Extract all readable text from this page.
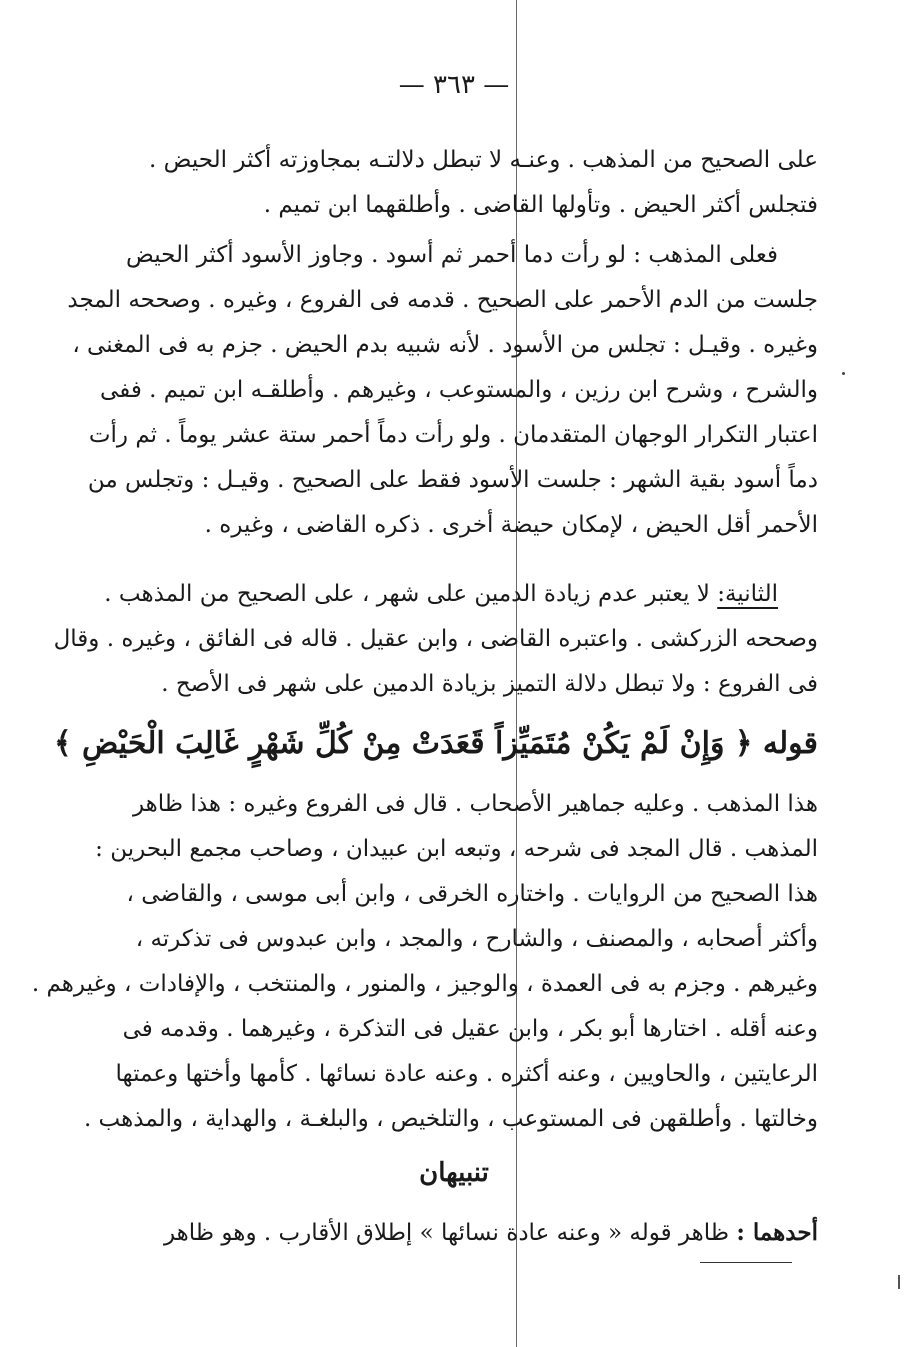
— ٣٦٣ —
على الصحيح من المذهب . وعنـه لا تبطل دلالتـه بمجاوزته أكثر الحيض .
فتجلس أكثر الحيض . وتأولها القاضى . وأطلقهما ابن تميم .
فعلى المذهب : لو رأت دما أحمر ثم أسود . وجاوز الأسود أكثر الحيض
جلست من الدم الأحمر على الصحيح . قدمه فى الفروع ، وغيره . وصححه المجد
وغيره . وقيـل : تجلس من الأسود . لأنه شبيه بدم الحيض . جزم به فى المغنى ،
والشرح ، وشرح ابن رزين ، والمستوعب ، وغيرهم . وأطلقـه ابن تميم . ففى
اعتبار التكرار الوجهان المتقدمان . ولو رأت دماً أحمر ستة عشر يوماً . ثم رأت
دماً أسود بقية الشهر : جلست الأسود فقط على الصحيح . وقيـل : وتجلس من
الأحمر أقل الحيض ، لإمكان حيضة أخرى . ذكره القاضى ، وغيره .
الثانية: لا يعتبر عدم زيادة الدمين على شهر ، على الصحيح من المذهب .
وصححه الزركشى . واعتبره القاضى ، وابن عقيل . قاله فى الفائق ، وغيره . وقال
فى الفروع : ولا تبطل دلالة التميز بزيادة الدمين على شهر فى الأصح .
قوله ﴿ وَإِنْ لَمْ يَكُنْ مُتَمَيِّزاً قَعَدَتْ مِنْ كُلِّ شَهْرٍ غَالِبَ الْحَيْضِ ﴾
هذا المذهب . وعليه جماهير الأصحاب . قال فى الفروع وغيره : هذا ظاهر
المذهب . قال المجد فى شرحه ، وتبعه ابن عبيدان ، وصاحب مجمع البحرين :
هذا الصحيح من الروايات . واختاره الخرقى ، وابن أبى موسى ، والقاضى ،
وأكثر أصحابه ، والمصنف ، والشارح ، والمجد ، وابن عبدوس فى تذكرته ،
وغيرهم . وجزم به فى العمدة ، والوجيز ، والمنور ، والمنتخب ، والإفادات ، وغيرهم .
وعنه أقله . اختارها أبو بكر ، وابن عقيل فى التذكرة ، وغيرهما . وقدمه فى
الرعايتين ، والحاويين ، وعنه أكثره . وعنه عادة نسائها . كأمها وأختها وعمتها
وخالتها . وأطلقهن فى المستوعب ، والتلخيص ، والبلغـة ، والهداية ، والمذهب .
تنبيهان
أحدهما : ظاهر قوله « وعنه عادة نسائها » إطلاق الأقارب . وهو ظاهر
